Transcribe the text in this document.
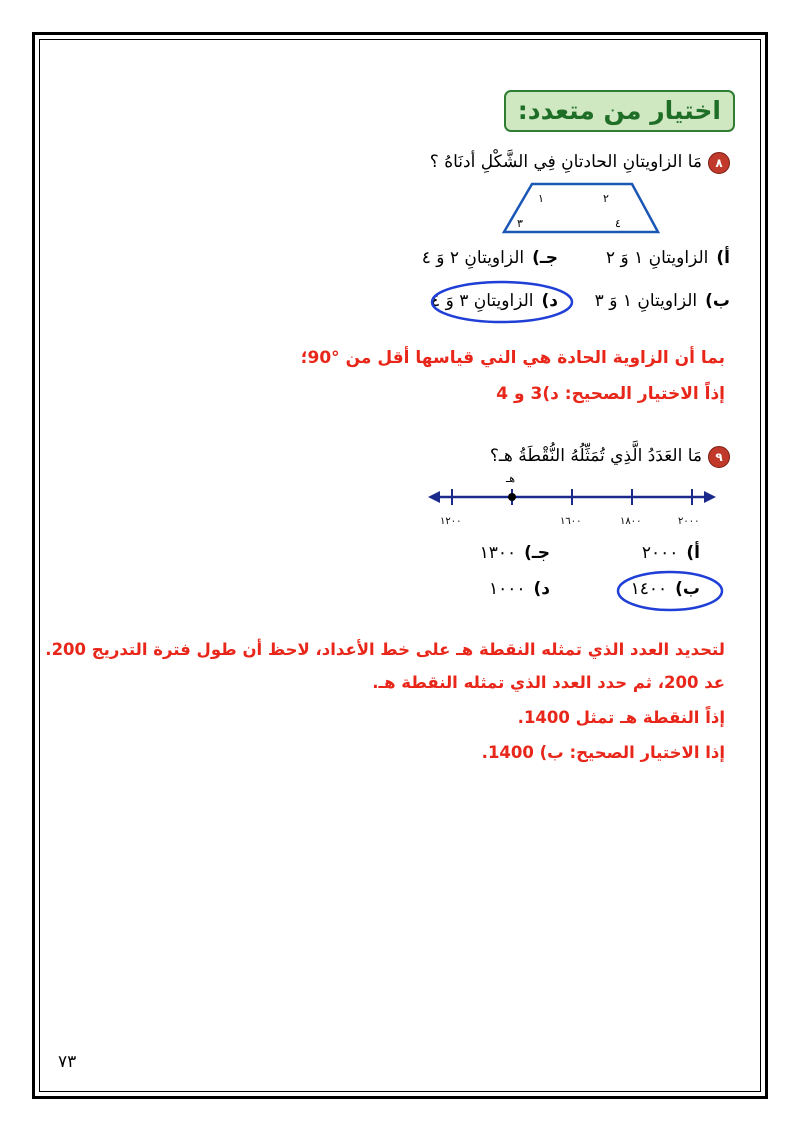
اختيار من متعدد:
٨مَا الزاويتانِ الحادتانِ فِي الشَّكْلِ أدنَاهُ ؟
١	٢
٣	٤
أ)الزاويتانِ ١ وَ ٢
جـ)الزاويتانِ ٢ وَ ٤
ب)الزاويتانِ ١ وَ ٣
د)الزاويتانِ ٣ وَ ٤
بما أن الزاوية الحادة هي الني قياسها أقل من °90؛
إذاً الاختيار الصحيح: د)3 و 4
٩مَا العَدَدُ الَّذِي تُمَثِّلُهُ النُّقْطَةُ هـ؟
هـ
١٢٠٠	١٦٠٠	١٨٠٠	٢٠٠٠
أ)٢٠٠٠
جـ)١٣٠٠
ب)١٤٠٠
د)١٠٠٠
لتحديد العدد الذي تمثله النقطة هـ على خط الأعداد، لاحظ أن طول فترة التدريج 200.
عد 200، ثم حدد العدد الذي تمثله النقطة هـ.
إذاً النقطة هـ تمثل 1400.
إذا الاختيار الصحيح: ب) 1400.
٧٣
